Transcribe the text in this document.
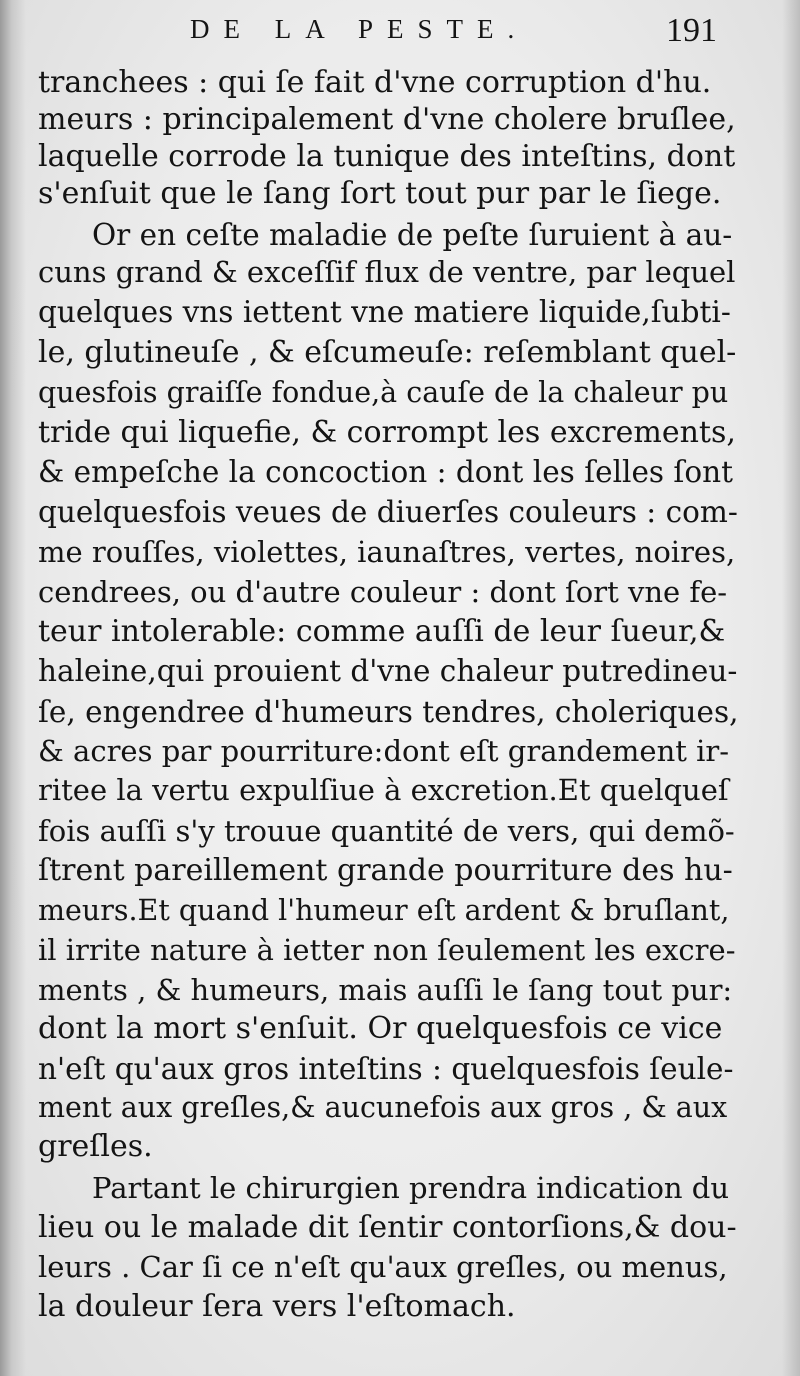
DE LA PESTE.	191
tranchees : qui ſe fait d'vne corruption d'hu.
meurs : principalement d'vne cholere bruſlee,
laquelle corrode la tunique des inteſtins, dont
s'enſuit que le ſang ſort tout pur par le ſiege.
Or en ceſte maladie de peſte ſuruient à au-
cuns grand & exceſſif flux de ventre, par lequel
quelques vns iettent vne matiere liquide,ſubti-
le, glutineuſe , & eſcumeuſe: reſemblant quel-
quesfois graiſſe fondue,à cauſe de la chaleur pu
tride qui liquefie, & corrompt les excrements,
& empeſche la concoction : dont les ſelles ſont
quelquesfois veues de diuerſes couleurs : com-
me rouſſes, violettes, iaunaſtres, vertes, noires,
cendrees, ou d'autre couleur : dont ſort vne fe-
teur intolerable: comme auſſi de leur ſueur,&
haleine,qui prouient d'vne chaleur putredineu-
ſe, engendree d'humeurs tendres, choleriques,
& acres par pourriture:dont eſt grandement ir-
ritee la vertu expulſiue à excretion.Et quelqueſ
fois auſſi s'y trouue quantité de vers, qui demõ-
ſtrent pareillement grande pourriture des hu-
meurs.Et quand l'humeur eſt ardent & bruſlant,
il irrite nature à ietter non ſeulement les excre-
ments , & humeurs, mais auſſi le ſang tout pur:
dont la mort s'enſuit. Or quelquesfois ce vice
n'eſt qu'aux gros inteſtins : quelquesfois ſeule-
ment aux greſles,& aucunefois aux gros , & aux
greſles.
Partant le chirurgien prendra indication du
lieu ou le malade dit ſentir contorſions,& dou-
leurs . Car ſi ce n'eſt qu'aux greſles, ou menus,
la douleur ſera vers l'eſtomach.
